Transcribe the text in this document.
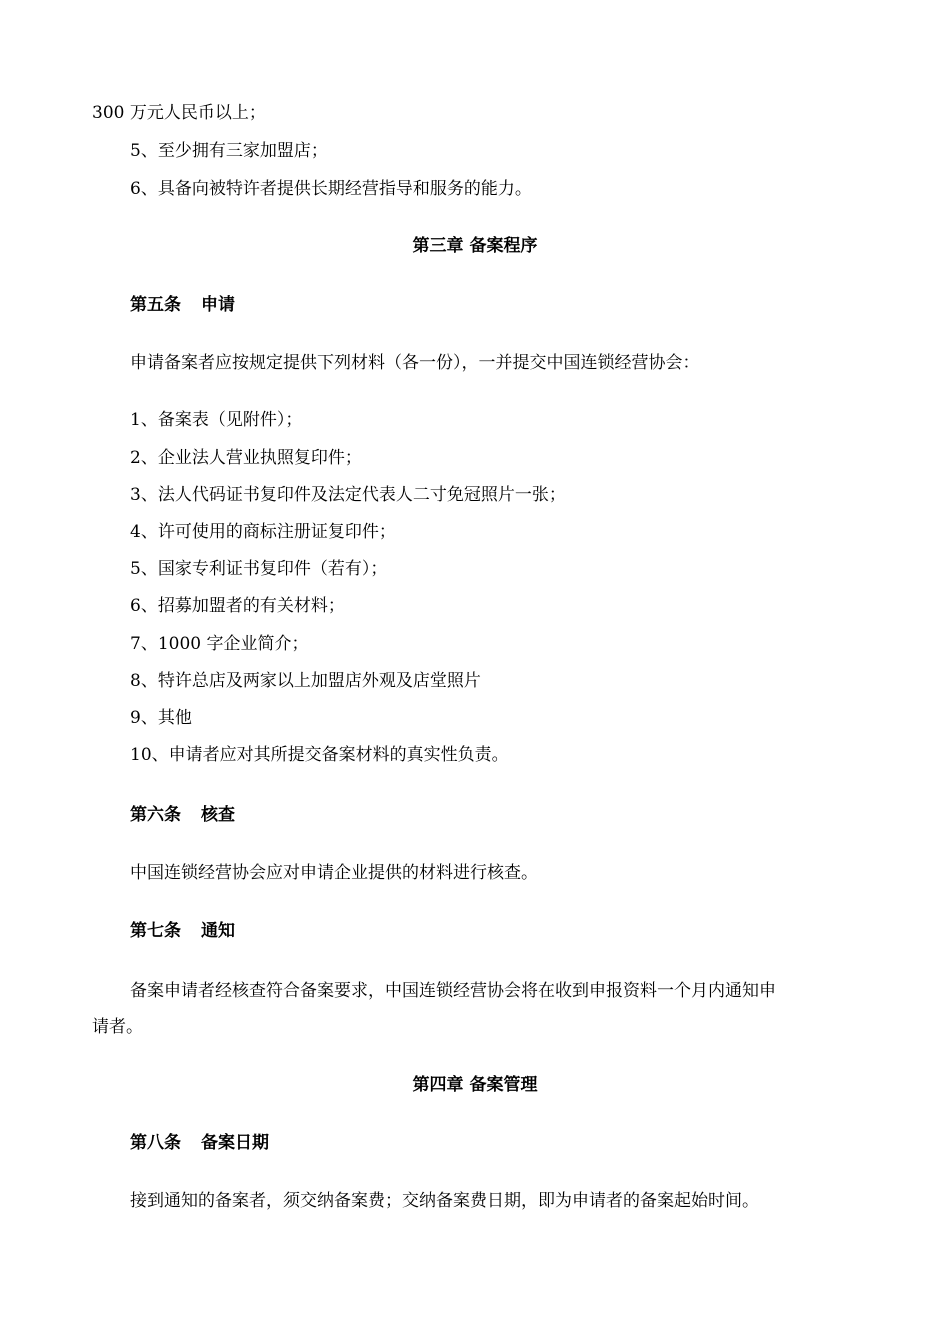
300 万元人民币以上；
5、至少拥有三家加盟店；
6、具备向被特许者提供长期经营指导和服务的能力。
第三章 备案程序
第五条 申请
申请备案者应按规定提供下列材料（各一份），一并提交中国连锁经营协会：
1、备案表（见附件）；
2、企业法人营业执照复印件；
3、法人代码证书复印件及法定代表人二寸免冠照片一张；
4、许可使用的商标注册证复印件；
5、国家专利证书复印件（若有）；
6、招募加盟者的有关材料；
7、1000 字企业简介；
8、特许总店及两家以上加盟店外观及店堂照片
9、其他
10、申请者应对其所提交备案材料的真实性负责。
第六条 核查
中国连锁经营协会应对申请企业提供的材料进行核查。
第七条 通知
备案申请者经核查符合备案要求，中国连锁经营协会将在收到申报资料一个月内通知申
请者。
第四章 备案管理
第八条 备案日期
接到通知的备案者，须交纳备案费；交纳备案费日期，即为申请者的备案起始时间。
